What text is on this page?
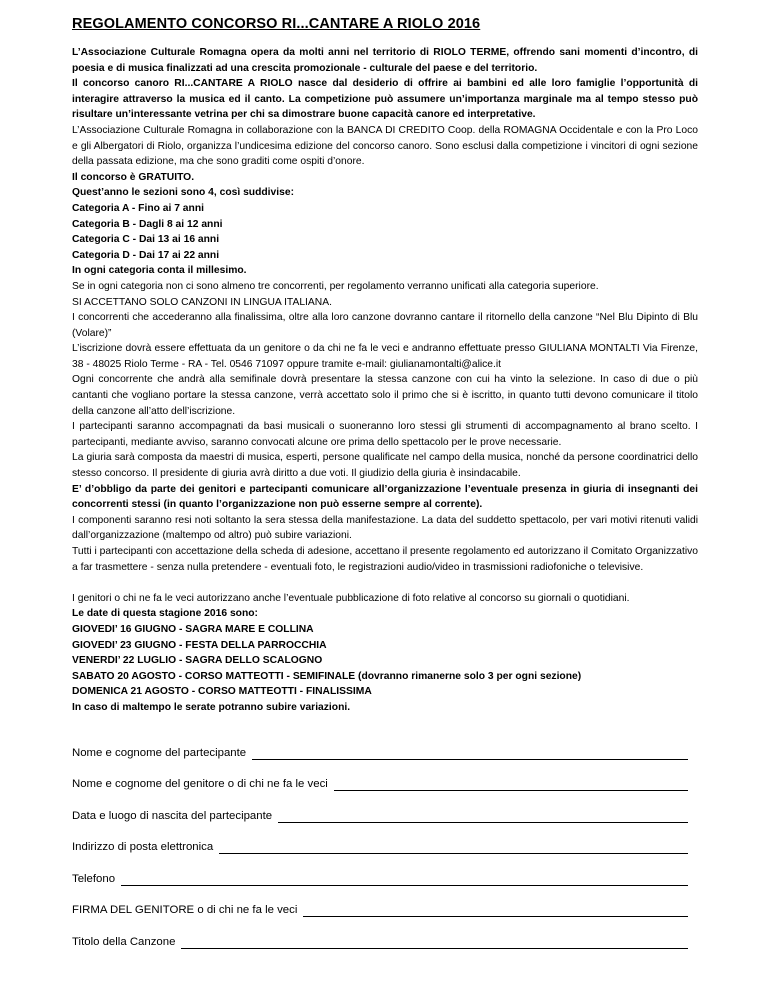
REGOLAMENTO CONCORSO RI...CANTARE A RIOLO 2016

L’Associazione Culturale Romagna opera da molti anni nel territorio di RIOLO TERME, offrendo sani momenti d’incontro, di poesia e di musica finalizzati ad una crescita promozionale - culturale del paese e del territorio.

Il concorso canoro RI...CANTARE A RIOLO nasce dal desiderio di offrire ai bambini ed alle loro famiglie l’opportunità di interagire attraverso la musica ed il canto. La competizione può assumere un’importanza marginale ma al tempo stesso può risultare un’interessante vetrina per chi sa dimostrare buone capacità canore ed interpretative.

L’Associazione Culturale Romagna in collaborazione con la BANCA DI CREDITO Coop. della ROMAGNA Occidentale e con la Pro Loco e gli Albergatori di Riolo, organizza l’undicesima edizione del concorso canoro. Sono esclusi dalla competizione i vincitori di ogni sezione della passata edizione, ma che sono graditi come ospiti d’onore.

Il concorso è GRATUITO.

Quest’anno le sezioni sono 4, così suddivise:

Categoria A - Fino ai 7 anni

Categoria B - Dagli 8 ai 12 anni

Categoria C - Dai 13 ai 16 anni

Categoria D - Dai 17 ai 22 anni

In ogni categoria conta il millesimo.

Se in ogni categoria non ci sono almeno tre concorrenti, per regolamento verranno unificati alla categoria superiore.

SI ACCETTANO SOLO CANZONI IN LINGUA ITALIANA.

I concorrenti che accederanno alla finalissima, oltre alla loro canzone dovranno cantare il ritornello della canzone “Nel Blu Dipinto di Blu (Volare)”

L’iscrizione dovrà essere effettuata da un genitore o da chi ne fa le veci e andranno effettuate presso GIULIANA MONTALTI Via Firenze, 38 - 48025 Riolo Terme - RA - Tel. 0546 71097 oppure tramite e-mail: giulianamontalti@alice.it

Ogni concorrente che andrà alla semifinale dovrà presentare la stessa canzone con cui ha vinto la selezione. In caso di due o più cantanti che vogliano portare la stessa canzone, verrà accettato solo il primo che si è iscritto, in quanto tutti devono comunicare il titolo della canzone all’atto dell’iscrizione.

I partecipanti saranno accompagnati da basi musicali o suoneranno loro stessi gli strumenti di accompagnamento al brano scelto. I partecipanti, mediante avviso, saranno convocati alcune ore prima dello spettacolo per le prove necessarie.

La giuria sarà composta da maestri di musica, esperti, persone qualificate nel campo della musica, nonché da persone coordinatrici dello stesso concorso. Il presidente di giuria avrà diritto a due voti. Il giudizio della giuria è insindacabile.

E’ d’obbligo da parte dei genitori e partecipanti comunicare all’organizzazione l’eventuale presenza in giuria di insegnanti dei concorrenti stessi (in quanto l’organizzazione non può esserne sempre al corrente).

I componenti saranno resi noti soltanto la sera stessa della manifestazione. La data del suddetto spettacolo, per vari motivi ritenuti validi dall’organizzazione (maltempo od altro) può subire variazioni.

Tutti i partecipanti con accettazione della scheda di adesione, accettano il presente regolamento ed autorizzano il Comitato Organizzativo a far trasmettere - senza nulla pretendere - eventuali foto, le registrazioni audio/video in trasmissioni radiofoniche o televisive.

I genitori o chi ne fa le veci autorizzano anche l’eventuale pubblicazione di foto relative al concorso su giornali o quotidiani.

Le date di questa stagione 2016 sono:

GIOVEDI’ 16 GIUGNO - SAGRA MARE E COLLINA

GIOVEDI’ 23 GIUGNO - FESTA DELLA PARROCCHIA

VENERDI’ 22 LUGLIO - SAGRA DELLO SCALOGNO

SABATO 20 AGOSTO - CORSO MATTEOTTI - SEMIFINALE (dovranno rimanerne solo 3 per ogni sezione)

DOMENICA 21 AGOSTO - CORSO MATTEOTTI - FINALISSIMA

In caso di maltempo le serate potranno subire variazioni.

Nome e cognome del partecipante
Nome e cognome del genitore o di chi ne fa le veci
Data e luogo di nascita del partecipante
Indirizzo di posta elettronica
Telefono
FIRMA DEL GENITORE o di chi ne fa le veci
Titolo della Canzone
